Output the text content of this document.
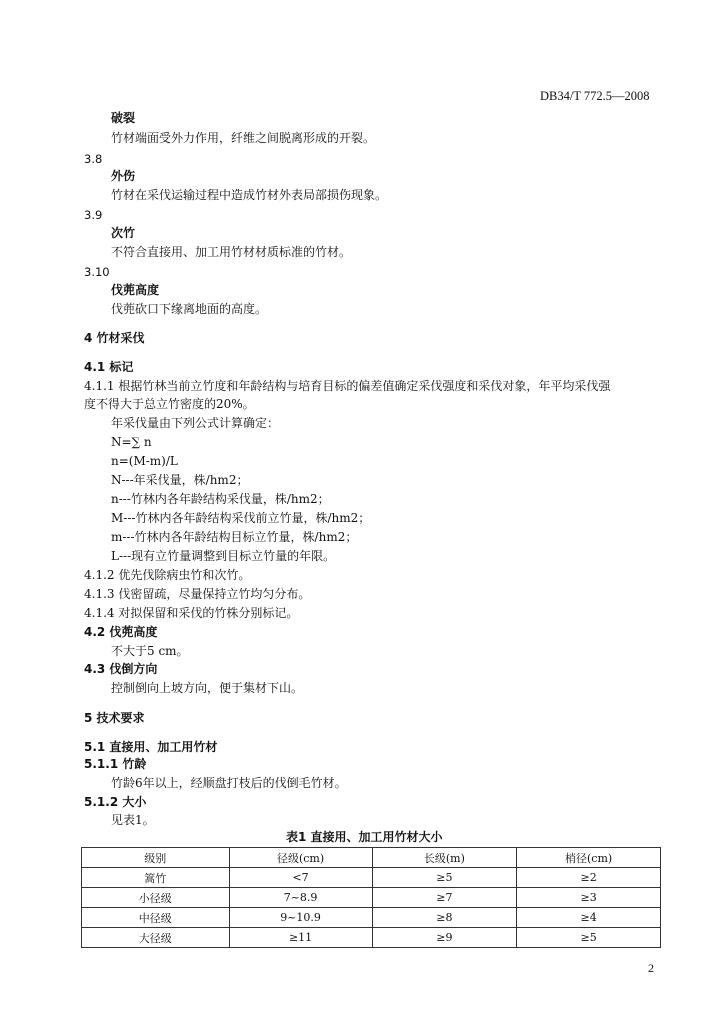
DB34/T 772.5—2008
破裂
竹材端面受外力作用，纤维之间脱离形成的开裂。
3.8
外伤
竹材在采伐运输过程中造成竹材外表局部损伤现象。
3.9
次竹
不符合直接用、加工用竹材材质标准的竹材。
3.10
伐蔸高度
伐蔸砍口下缘离地面的高度。
4 竹材采伐
4.1 标记
4.1.1 根据竹林当前立竹度和年龄结构与培育目标的偏差值确定采伐强度和采伐对象，年平均采伐强
度不得大于总立竹密度的20%。
年采伐量由下列公式计算确定：
N=∑ n
n=(M-m)/L
N---年采伐量，株/hm2；
n---竹林内各年龄结构采伐量，株/hm2；
M---竹林内各年龄结构采伐前立竹量，株/hm2；
m---竹林内各年龄结构目标立竹量，株/hm2；
L---现有立竹量调整到目标立竹量的年限。
4.1.2 优先伐除病虫竹和次竹。
4.1.3 伐密留疏，尽量保持立竹均匀分布。
4.1.4 对拟保留和采伐的竹株分别标记。
4.2 伐蔸高度
不大于5 cm。
4.3 伐倒方向
控制倒向上坡方向，便于集材下山。
5 技术要求
5.1 直接用、加工用竹材
5.1.1 竹龄
竹龄6年以上，经顺盘打枝后的伐倒毛竹材。
5.1.2 大小
见表1。
表1 直接用、加工用竹材大小
级别	径级(cm)	长级(m)	梢径(cm)
篙竹	<7	≥5	≥2
小径级	7~8.9	≥7	≥3
中径级	9~10.9	≥8	≥4
大径级	≥11	≥9	≥5
2
